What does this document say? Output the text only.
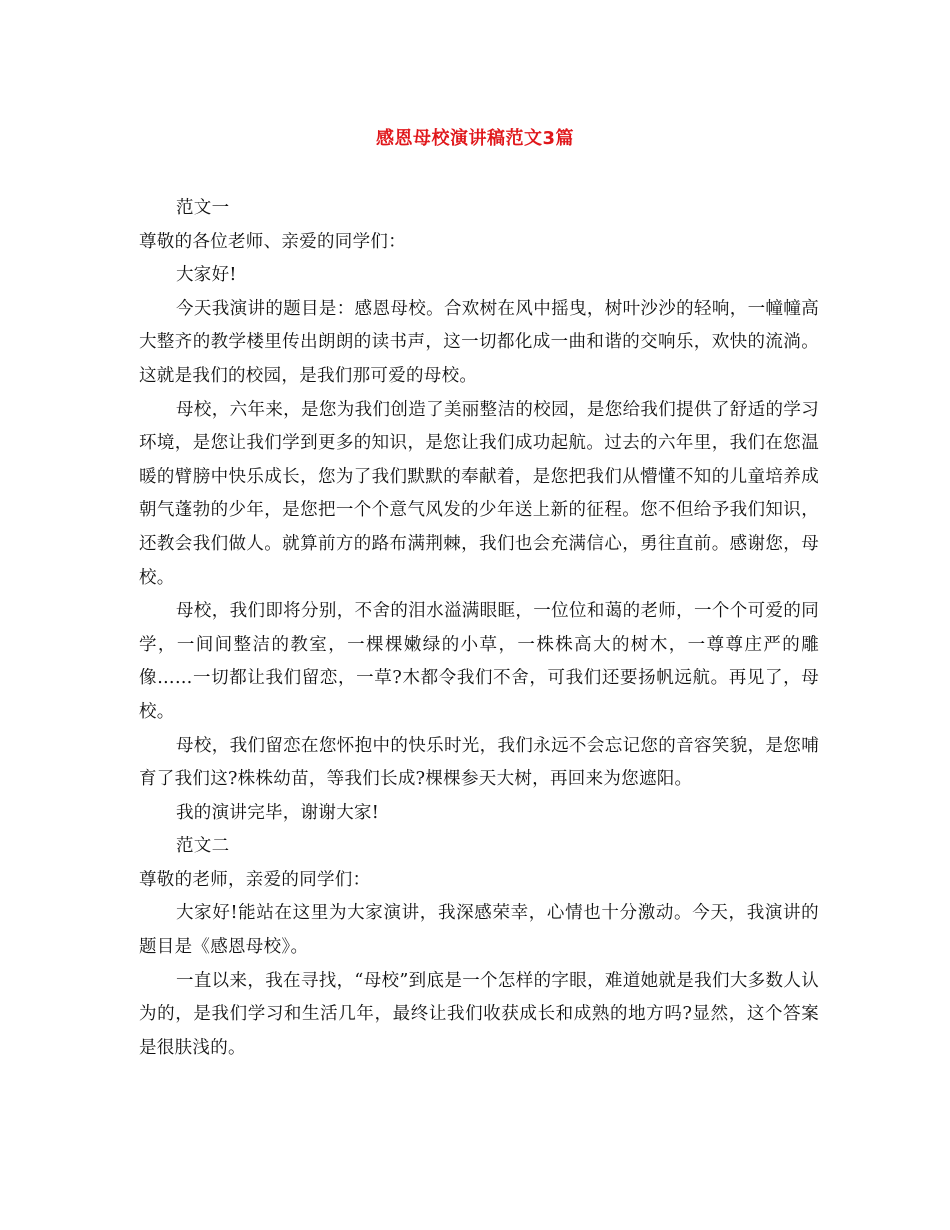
感恩母校演讲稿范文3篇

范文一

尊敬的各位老师、亲爱的同学们：

大家好!

今天我演讲的题目是：感恩母校。合欢树在风中摇曳，树叶沙沙的轻响，一幢幢高大整齐的教学楼里传出朗朗的读书声，这一切都化成一曲和谐的交响乐，欢快的流淌。这就是我们的校园，是我们那可爱的母校。

母校，六年来，是您为我们创造了美丽整洁的校园，是您给我们提供了舒适的学习环境，是您让我们学到更多的知识，是您让我们成功起航。过去的六年里，我们在您温暖的臂膀中快乐成长，您为了我们默默的奉献着，是您把我们从懵懂不知的儿童培养成朝气蓬勃的少年，是您把一个个意气风发的少年送上新的征程。您不但给予我们知识，还教会我们做人。就算前方的路布满荆棘，我们也会充满信心，勇往直前。感谢您，母校。

母校，我们即将分别，不舍的泪水溢满眼眶，一位位和蔼的老师，一个个可爱的同学，一间间整洁的教室，一棵棵嫩绿的小草，一株株高大的树木，一尊尊庄严的雕像……一切都让我们留恋，一草?木都令我们不舍，可我们还要扬帆远航。再见了，母校。

母校，我们留恋在您怀抱中的快乐时光，我们永远不会忘记您的音容笑貌，是您哺育了我们这?株株幼苗，等我们长成?棵棵参天大树，再回来为您遮阳。

我的演讲完毕，谢谢大家!

范文二

尊敬的老师，亲爱的同学们：

大家好!能站在这里为大家演讲，我深感荣幸，心情也十分激动。今天，我演讲的题目是《感恩母校》。

一直以来，我在寻找，“母校”到底是一个怎样的字眼，难道她就是我们大多数人认为的，是我们学习和生活几年，最终让我们收获成长和成熟的地方吗?显然，这个答案是很肤浅的。
